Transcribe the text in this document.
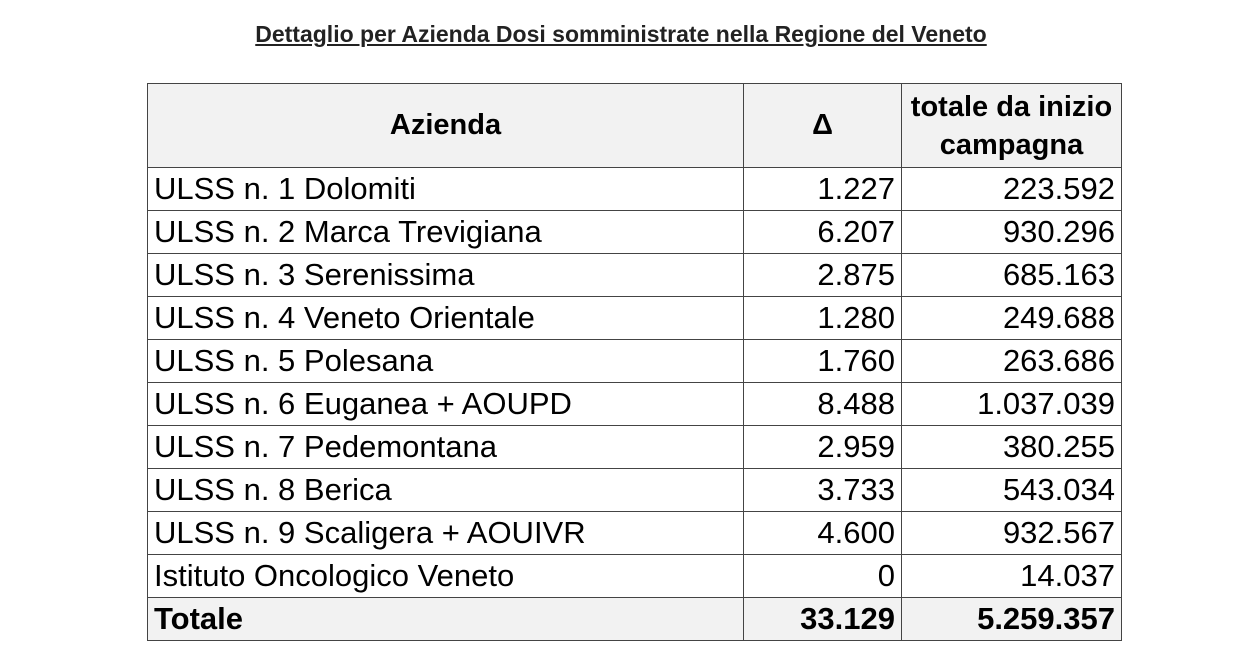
Dettaglio per Azienda Dosi somministrate nella Regione del Veneto
Azienda	Δ	totale da inizio campagna
ULSS n. 1 Dolomiti	1.227	223.592
ULSS n. 2 Marca Trevigiana	6.207	930.296
ULSS n. 3 Serenissima	2.875	685.163
ULSS n. 4 Veneto Orientale	1.280	249.688
ULSS n. 5 Polesana	1.760	263.686
ULSS n. 6 Euganea + AOUPD	8.488	1.037.039
ULSS n. 7 Pedemontana	2.959	380.255
ULSS n. 8 Berica	3.733	543.034
ULSS n. 9 Scaligera + AOUIVR	4.600	932.567
Istituto Oncologico Veneto	0	14.037
Totale	33.129	5.259.357
